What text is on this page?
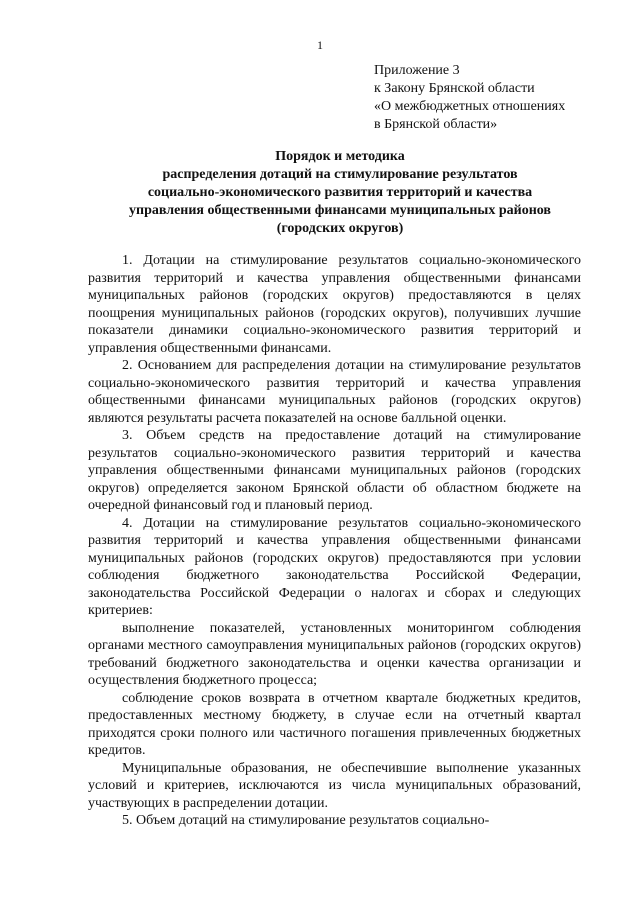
1
Приложение 3
к Закону Брянской области
«О межбюджетных отношениях
в Брянской области»
Порядок и методика
распределения дотаций на стимулирование результатов
социально-экономического развития территорий и качества
управления общественными финансами муниципальных районов
(городских округов)

1. Дотации на стимулирование результатов социально-экономического развития территорий и качества управления общественными финансами муниципальных районов (городских округов) предоставляются в целях поощрения муниципальных районов (городских округов), получивших лучшие показатели динамики социально-экономического развития территорий и управления общественными финансами.

2. Основанием для распределения дотации на стимулирование результатов социально-экономического развития территорий и качества управления общественными финансами муниципальных районов (городских округов) являются результаты расчета показателей на основе балльной оценки.

3. Объем средств на предоставление дотаций на стимулирование результатов социально-экономического развития территорий и качества управления общественными финансами муниципальных районов (городских округов) определяется законом Брянской области об областном бюджете на очередной финансовый год и плановый период.

4. Дотации на стимулирование результатов социально-экономического развития территорий и качества управления общественными финансами муниципальных районов (городских округов) предоставляются при условии соблюдения бюджетного законодательства Российской Федерации, законодательства Российской Федерации о налогах и сборах и следующих критериев:

выполнение показателей, установленных мониторингом соблюдения органами местного самоуправления муниципальных районов (городских округов) требований бюджетного законодательства и оценки качества организации и осуществления бюджетного процесса;

соблюдение сроков возврата в отчетном квартале бюджетных кредитов, предоставленных местному бюджету, в случае если на отчетный квартал приходятся сроки полного или частичного погашения привлеченных бюджетных кредитов.

Муниципальные образования, не обеспечившие выполнение указанных условий и критериев, исключаются из числа муниципальных образований, участвующих в распределении дотации.

5. Объем дотаций на стимулирование результатов социально-
